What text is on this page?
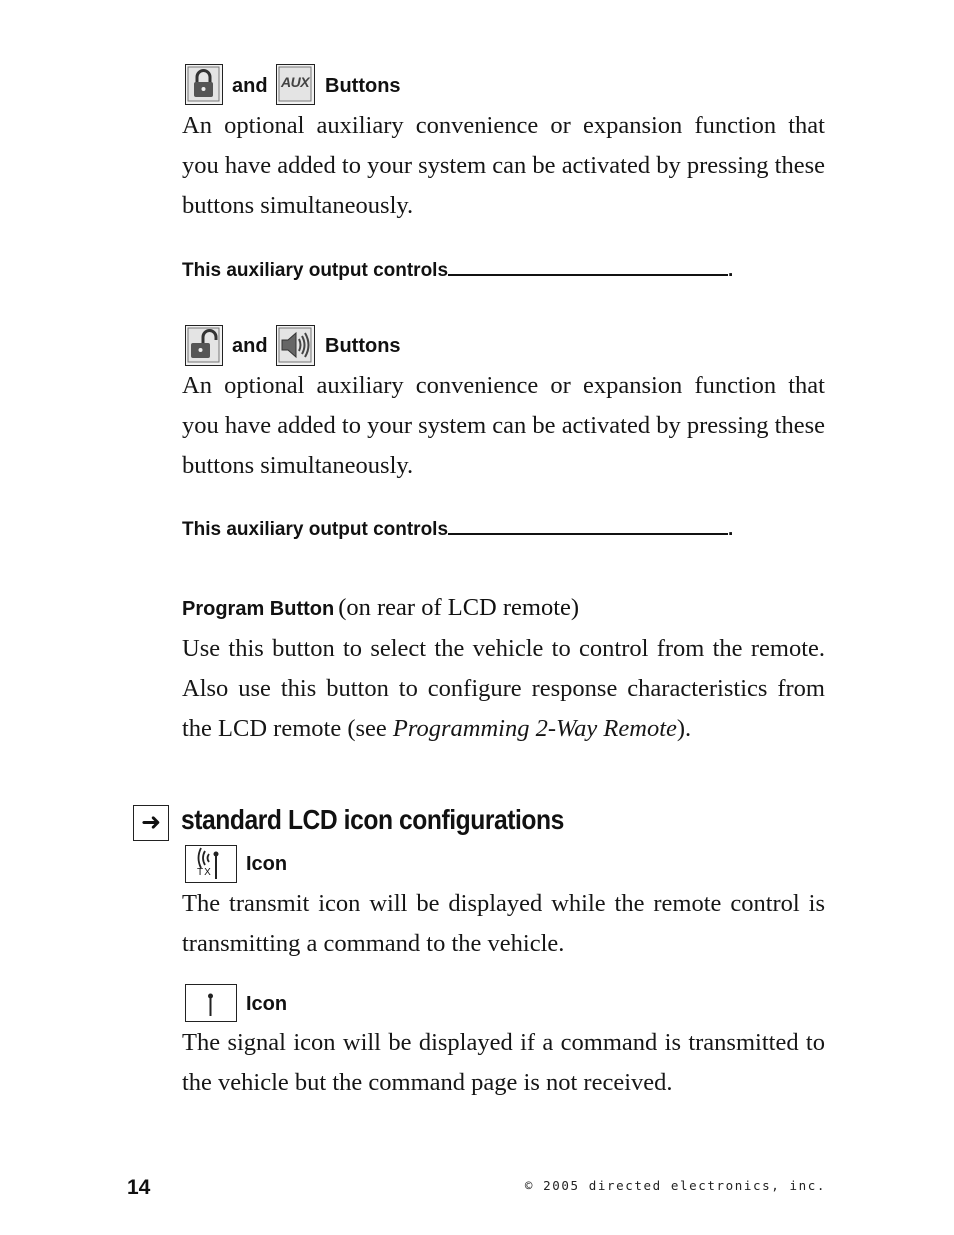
and AUX Buttons
An optional auxiliary convenience or expansion function that you have added to your system can be activated by pressing these buttons simultaneously.
This auxiliary output controls	.
and	Buttons
An optional auxiliary convenience or expansion function that you have added to your system can be activated by pressing these buttons simultaneously.
This auxiliary output controls	.
Program Button (on rear of LCD remote)
Use this button to select the vehicle to control from the remote. Also use this button to configure response characteristics from the LCD remote (see Programming 2-Way Remote).
➜ standard LCD icon configurations
TX Icon
The transmit icon will be displayed while the remote control is transmitting a command to the vehicle.
Icon
The signal icon will be displayed if a command is transmitted to the vehicle but the command page is not received.
14	© 2005 directed electronics, inc.
